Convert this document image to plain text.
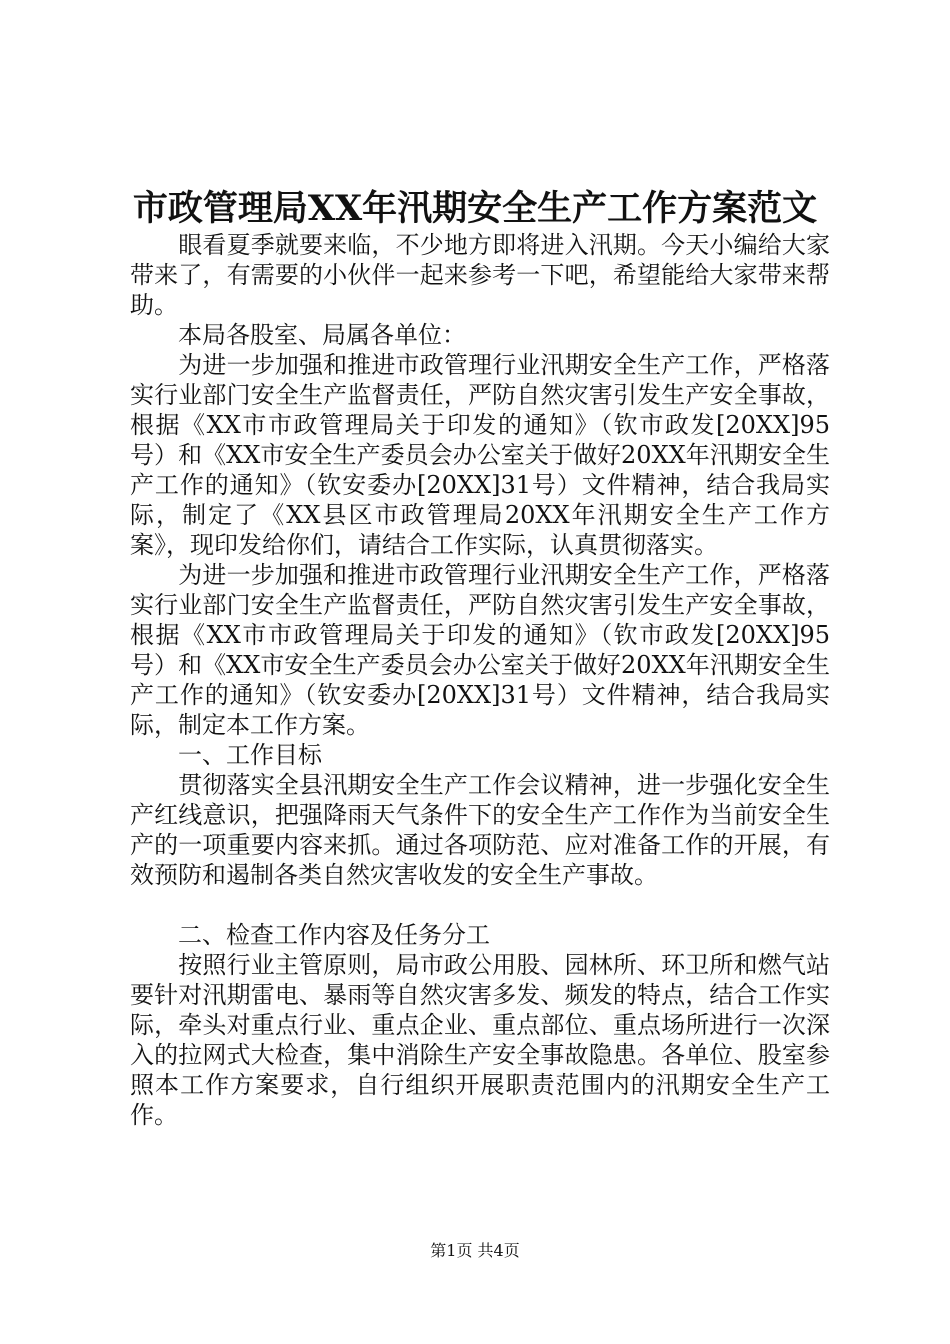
市政管理局XX年汛期安全生产工作方案范文

　　眼看夏季就要来临，不少地方即将进入汛期。今天小编给大家带来了，有需要的小伙伴一起来参考一下吧，希望能给大家带来帮助。

　　本局各股室、局属各单位：

　　为进一步加强和推进市政管理行业汛期安全生产工作，严格落实行业部门安全生产监督责任，严防自然灾害引发生产安全事故，根据《XX市市政管理局关于印发的通知》（钦市政发[20XX]95号）和《XX市安全生产委员会办公室关于做好20XX年汛期安全生产工作的通知》（钦安委办[20XX]31号）文件精神，结合我局实际，制定了《XX县区市政管理局20XX年汛期安全生产工作方案》，现印发给你们，请结合工作实际，认真贯彻落实。

　　为进一步加强和推进市政管理行业汛期安全生产工作，严格落实行业部门安全生产监督责任，严防自然灾害引发生产安全事故，根据《XX市市政管理局关于印发的通知》（钦市政发[20XX]95号）和《XX市安全生产委员会办公室关于做好20XX年汛期安全生产工作的通知》（钦安委办[20XX]31号）文件精神，结合我局实际，制定本工作方案。

　　一、工作目标

　　贯彻落实全县汛期安全生产工作会议精神，进一步强化安全生产红线意识，把强降雨天气条件下的安全生产工作作为当前安全生产的一项重要内容来抓。通过各项防范、应对准备工作的开展，有效预防和遏制各类自然灾害收发的安全生产事故。

　　二、检查工作内容及任务分工

　　按照行业主管原则，局市政公用股、园林所、环卫所和燃气站要针对汛期雷电、暴雨等自然灾害多发、频发的特点，结合工作实际，牵头对重点行业、重点企业、重点部位、重点场所进行一次深入的拉网式大检查，集中消除生产安全事故隐患。各单位、股室参照本工作方案要求，自行组织开展职责范围内的汛期安全生产工作。

第1页 共4页
